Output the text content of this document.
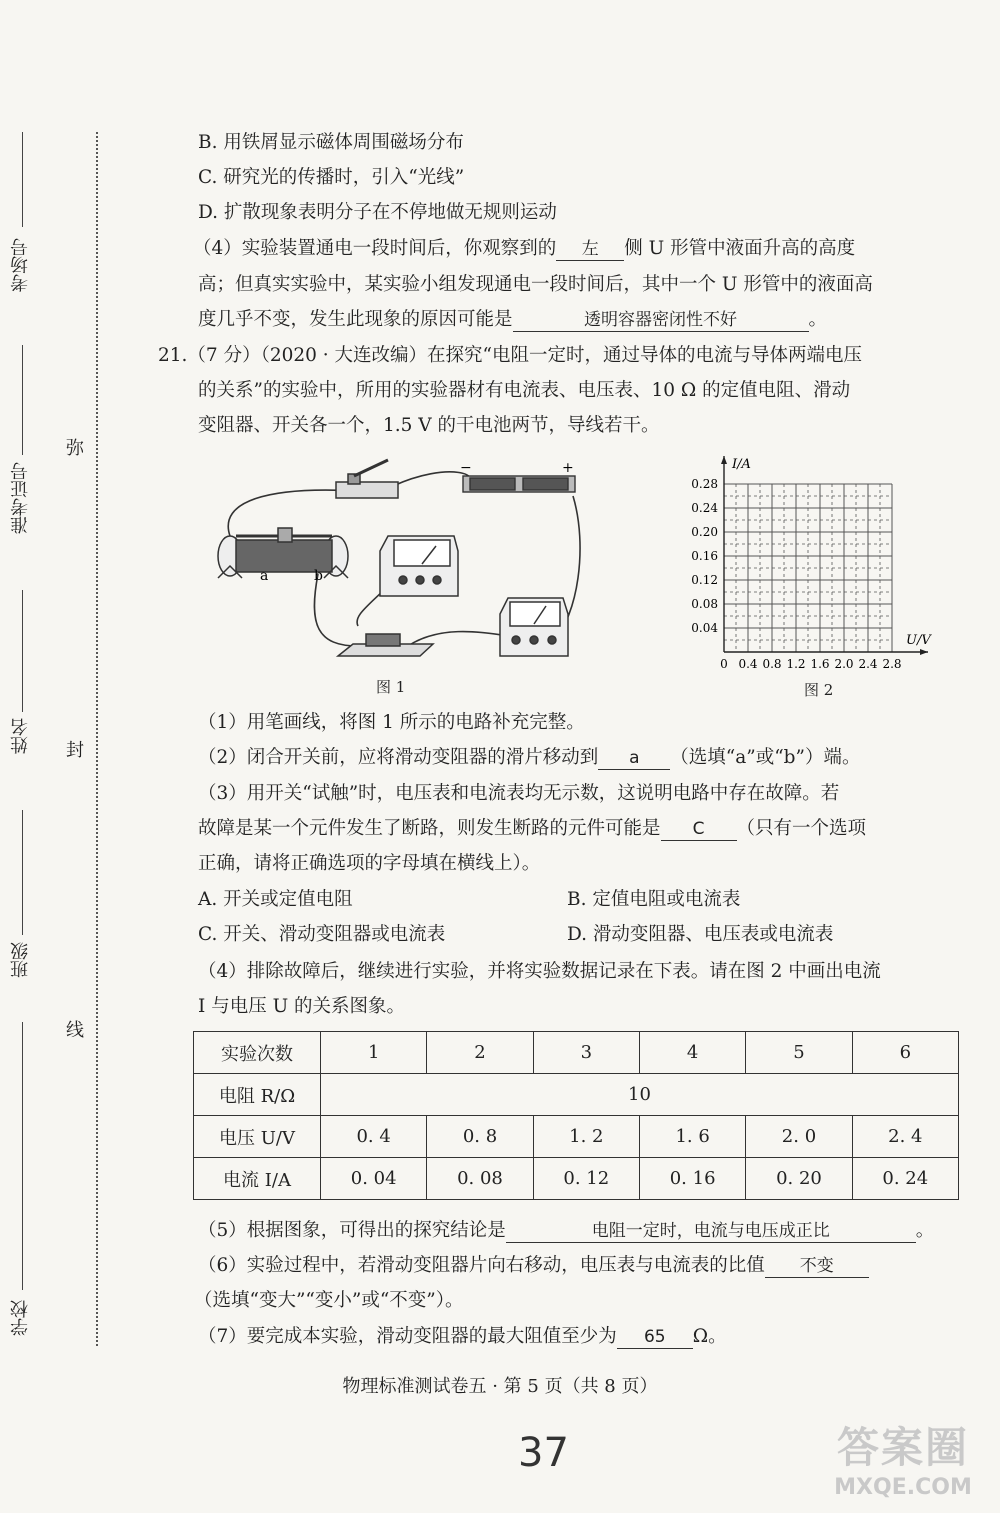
考场号
准考证号
姓名
班级
学校
弥
封
线
B. 用铁屑显示磁体周围磁场分布
C. 研究光的传播时，引入“光线”
D. 扩散现象表明分子在不停地做无规则运动
（4）实验装置通电一段时间后，你观察到的 左 侧 U 形管中液面升高的高度
高；但真实实验中，某实验小组发现通电一段时间后，其中一个 U 形管中的液面高
度几乎不变，发生此现象的原因可能是	透明容器密闭性不好	。
21.（7 分）（2020 · 大连改编）在探究“电阻一定时，通过导体的电流与导体两端电压
的关系”的实验中，所用的实验器材有电流表、电压表、10 Ω 的定值电阻、滑动
变阻器、开关各一个，1.5 V 的干电池两节，导线若干。
−	+
a	b
图 1
0.04
0.08
0.12
0.16
0.20
0.24
0.28
0 0.4 0.8 1.2 1.6 2.0 2.4 2.8
U/V
I/A
图 2
（1）用笔画线，将图 1 所示的电路补充完整。
（2）闭合开关前，应将滑动变阻器的滑片移动到 a （选填“a”或“b”）端。
（3）用开关“试触”时，电压表和电流表均无示数，这说明电路中存在故障。若
故障是某一个元件发生了断路，则发生断路的元件可能是 C （只有一个选项
正确，请将正确选项的字母填在横线上）。
A. 开关或定值电阻	B. 定值电阻或电流表
C. 开关、滑动变阻器或电流表	D. 滑动变阻器、电压表或电流表
（4）排除故障后，继续进行实验，并将实验数据记录在下表。请在图 2 中画出电流
I 与电压 U 的关系图象。
实验次数	1	2	3	4	5	6
电阻 R/Ω	10					
电压 U/V	0. 4	0. 8	1. 2	1. 6	2. 0	2. 4
电流 I/A	0. 04	0. 08	0. 12	0. 16	0. 20	0. 24
（5）根据图象，可得出的探究结论是	电阻一定时，电流与电压成正比	。
（6）实验过程中，若滑动变阻器片向右移动，电压表与电流表的比值 不变
（选填“变大”“变小”或“不变”）。
（7）要完成本实验，滑动变阻器的最大阻值至少为 65 Ω。
物理标准测试卷五 · 第 5 页（共 8 页）
37	答案圈
MXQE.COM
